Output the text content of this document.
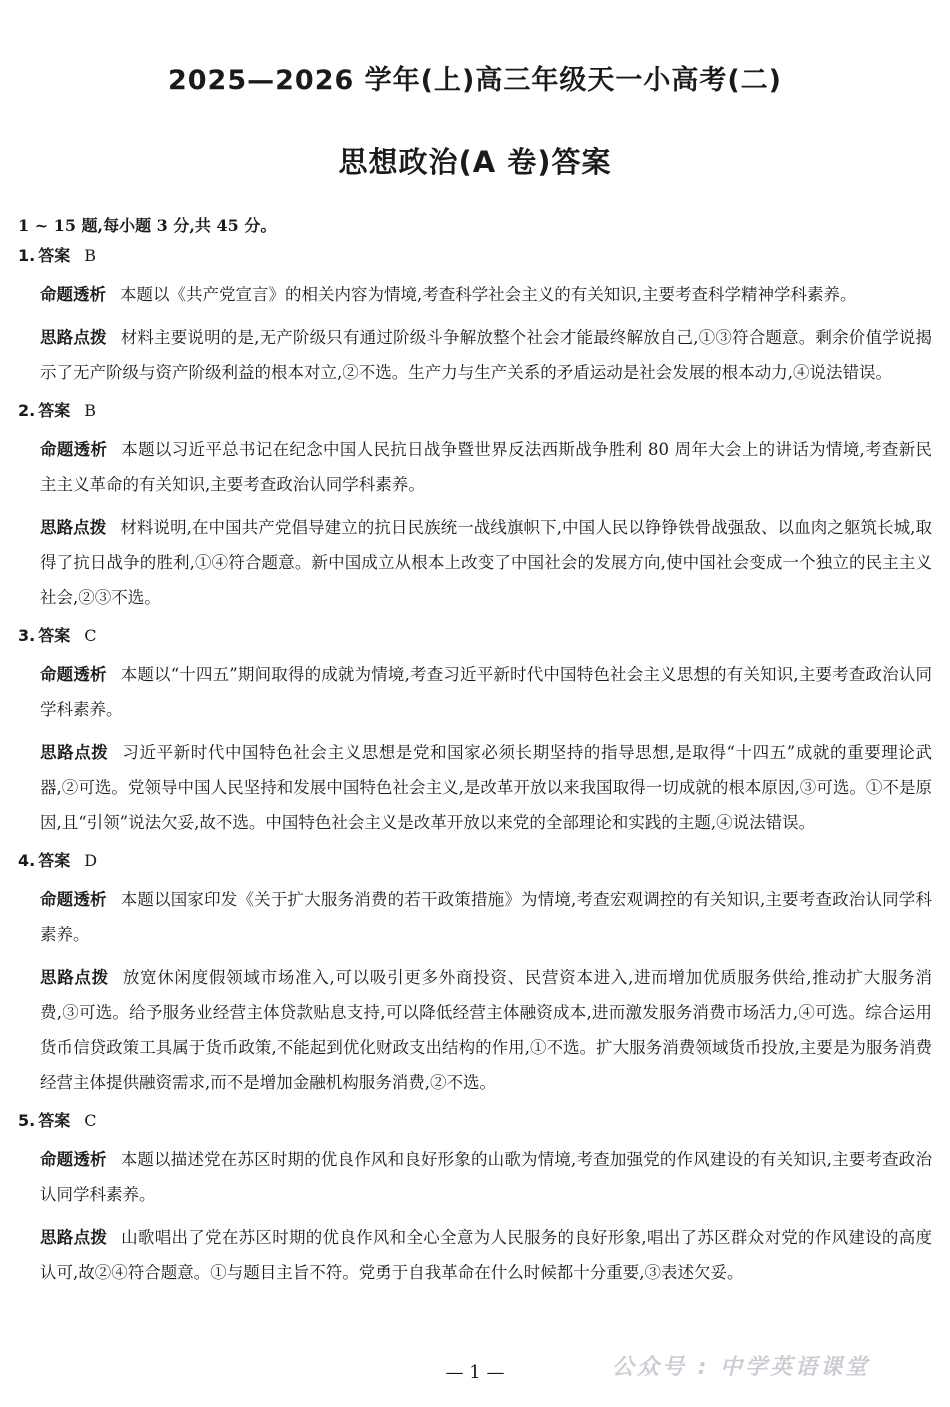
2025—2026 学年(上)高三年级天一小高考(二)
思想政治(A 卷)答案
1 ~ 15 题,每小题 3 分,共 45 分。
1. 答案 B
命题透析 本题以《共产党宣言》的相关内容为情境,考查科学社会主义的有关知识,主要考查科学精神学科素养。
思路点拨 材料主要说明的是,无产阶级只有通过阶级斗争解放整个社会才能最终解放自己,①③符合题意。剩余价值学说揭示了无产阶级与资产阶级利益的根本对立,②不选。生产力与生产关系的矛盾运动是社会发展的根本动力,④说法错误。
2. 答案 B
命题透析 本题以习近平总书记在纪念中国人民抗日战争暨世界反法西斯战争胜利 80 周年大会上的讲话为情境,考查新民主主义革命的有关知识,主要考查政治认同学科素养。
思路点拨 材料说明,在中国共产党倡导建立的抗日民族统一战线旗帜下,中国人民以铮铮铁骨战强敌、以血肉之躯筑长城,取得了抗日战争的胜利,①④符合题意。新中国成立从根本上改变了中国社会的发展方向,使中国社会变成一个独立的民主主义社会,②③不选。
3. 答案 C
命题透析 本题以“十四五”期间取得的成就为情境,考查习近平新时代中国特色社会主义思想的有关知识,主要考查政治认同学科素养。
思路点拨 习近平新时代中国特色社会主义思想是党和国家必须长期坚持的指导思想,是取得“十四五”成就的重要理论武器,②可选。党领导中国人民坚持和发展中国特色社会主义,是改革开放以来我国取得一切成就的根本原因,③可选。①不是原因,且“引领”说法欠妥,故不选。中国特色社会主义是改革开放以来党的全部理论和实践的主题,④说法错误。
4. 答案 D
命题透析 本题以国家印发《关于扩大服务消费的若干政策措施》为情境,考查宏观调控的有关知识,主要考查政治认同学科素养。
思路点拨 放宽休闲度假领域市场准入,可以吸引更多外商投资、民营资本进入,进而增加优质服务供给,推动扩大服务消费,③可选。给予服务业经营主体贷款贴息支持,可以降低经营主体融资成本,进而激发服务消费市场活力,④可选。综合运用货币信贷政策工具属于货币政策,不能起到优化财政支出结构的作用,①不选。扩大服务消费领域货币投放,主要是为服务消费经营主体提供融资需求,而不是增加金融机构服务消费,②不选。
5. 答案 C
命题透析 本题以描述党在苏区时期的优良作风和良好形象的山歌为情境,考查加强党的作风建设的有关知识,主要考查政治认同学科素养。
思路点拨 山歌唱出了党在苏区时期的优良作风和全心全意为人民服务的良好形象,唱出了苏区群众对党的作风建设的高度认可,故②④符合题意。①与题目主旨不符。党勇于自我革命在什么时候都十分重要,③表述欠妥。
— 1 —	公众号 : 中学英语课堂
